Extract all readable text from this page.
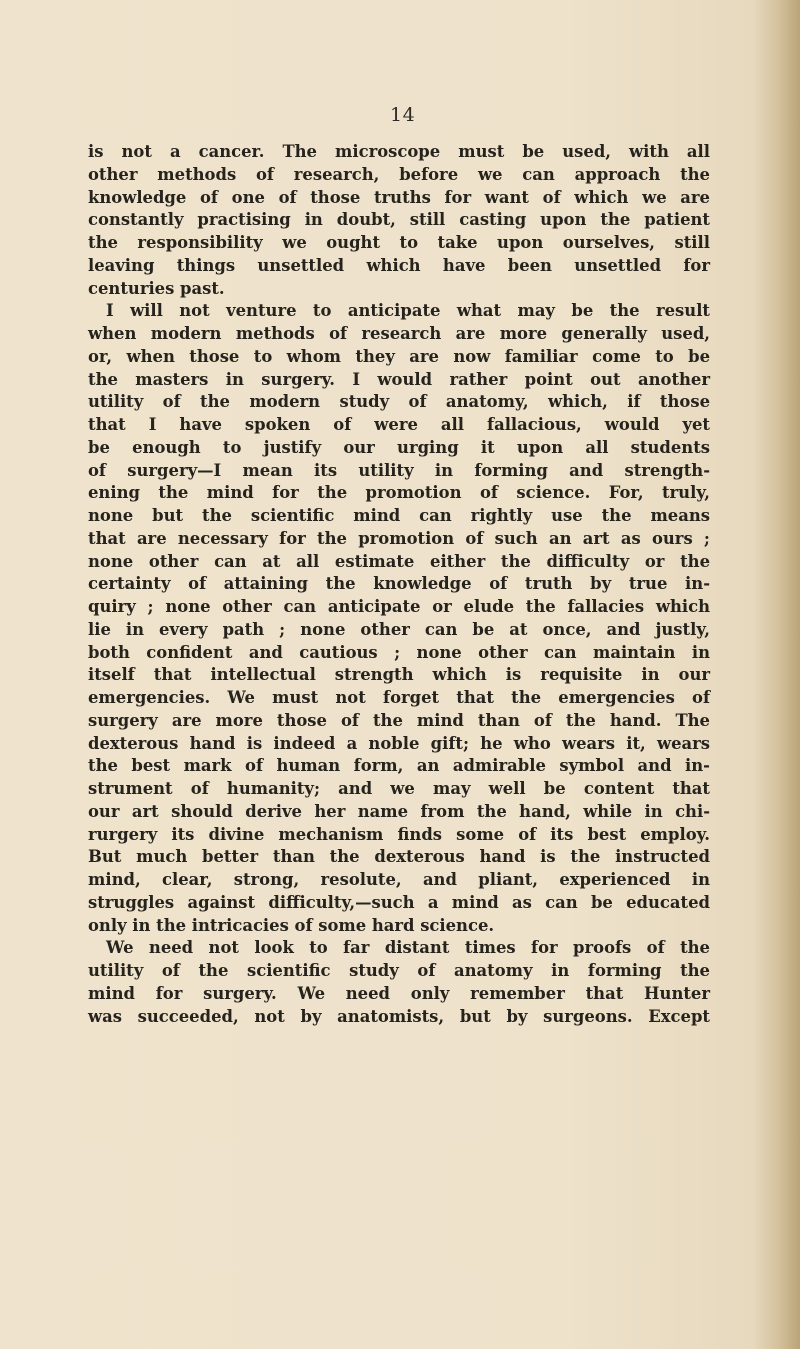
14
is not a cancer. The microscope must be used, with all
other methods of research, before we can approach the
knowledge of one of those truths for want of which we are
constantly practising in doubt, still casting upon the patient
the responsibility we ought to take upon ourselves, still
leaving things unsettled which have been unsettled for
centuries past.
I will not venture to anticipate what may be the result
when modern methods of research are more generally used,
or, when those to whom they are now familiar come to be
the masters in surgery. I would rather point out another
utility of the modern study of anatomy, which, if those
that I have spoken of were all fallacious, would yet
be enough to justify our urging it upon all students
of surgery—I mean its utility in forming and strength-
ening the mind for the promotion of science. For, truly,
none but the scientific mind can rightly use the means
that are necessary for the promotion of such an art as ours ;
none other can at all estimate either the difficulty or the
certainty of attaining the knowledge of truth by true in-
quiry ; none other can anticipate or elude the fallacies which
lie in every path ; none other can be at once, and justly,
both confident and cautious ; none other can maintain in
itself that intellectual strength which is requisite in our
emergencies. We must not forget that the emergencies of
surgery are more those of the mind than of the hand. The
dexterous hand is indeed a noble gift; he who wears it, wears
the best mark of human form, an admirable symbol and in-
strument of humanity; and we may well be content that
our art should derive her name from the hand, while in chi-
rurgery its divine mechanism finds some of its best employ.
But much better than the dexterous hand is the instructed
mind, clear, strong, resolute, and pliant, experienced in
struggles against difficulty,—such a mind as can be educated
only in the intricacies of some hard science.
We need not look to far distant times for proofs of the
utility of the scientific study of anatomy in forming the
mind for surgery. We need only remember that Hunter
was succeeded, not by anatomists, but by surgeons. Except
